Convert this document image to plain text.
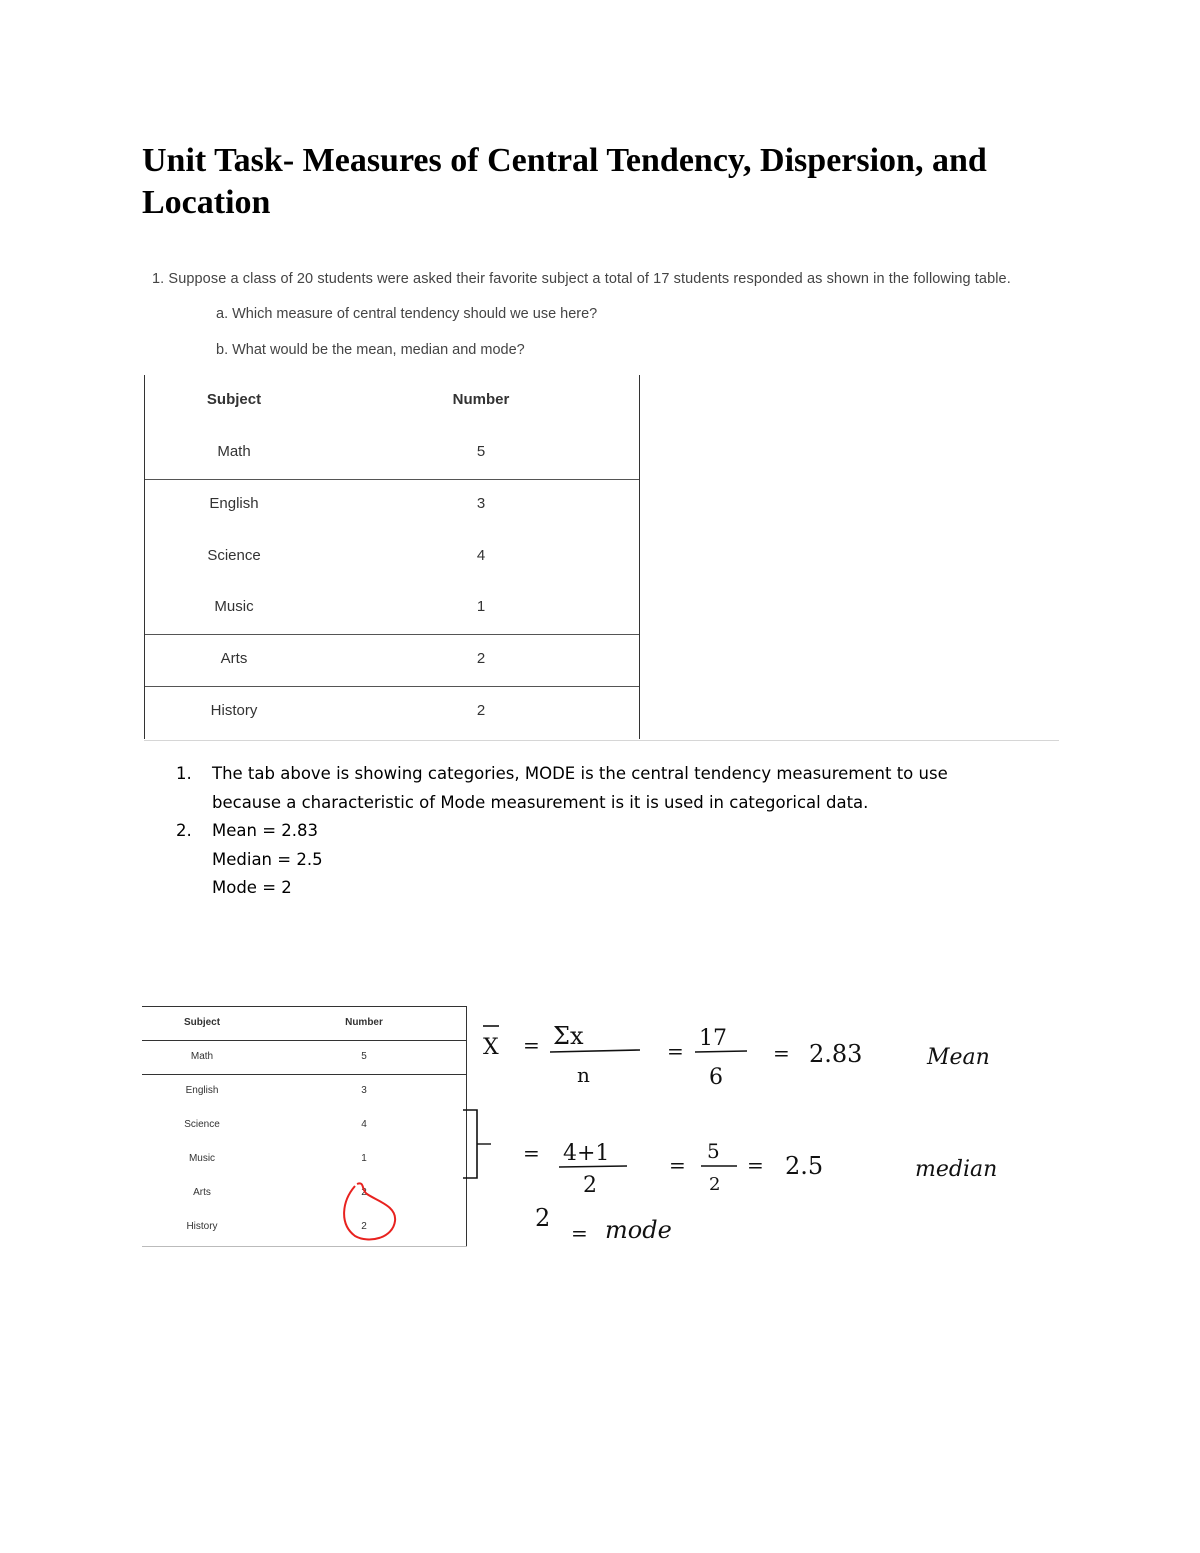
Unit Task- Measures of Central Tendency, Dispersion, and Location
1. Suppose a class of 20 students were asked their favorite subject a total of 17 students responded as shown in the following table.
a. Which measure of central tendency should we use here?
b. What would be the mean, median and mode?
Subject	Number
Math	5
English	3
Science	4
Music	1
Arts	2
History	2
1. The tab above is showing categories, MODE is the central tendency measurement to use
because a characteristic of Mode measurement is it is used in categorical data.
2. Mean = 2.83
Median = 2.5
Mode = 2
Subject	Number
Math	5
English	3
Science	4
Music	1
Arts	2
History	2
X = Σx
n
= 17
6
= 2.83	Mean
= 4+1
2
=
5
2
= 2.5	median
2
= mode
